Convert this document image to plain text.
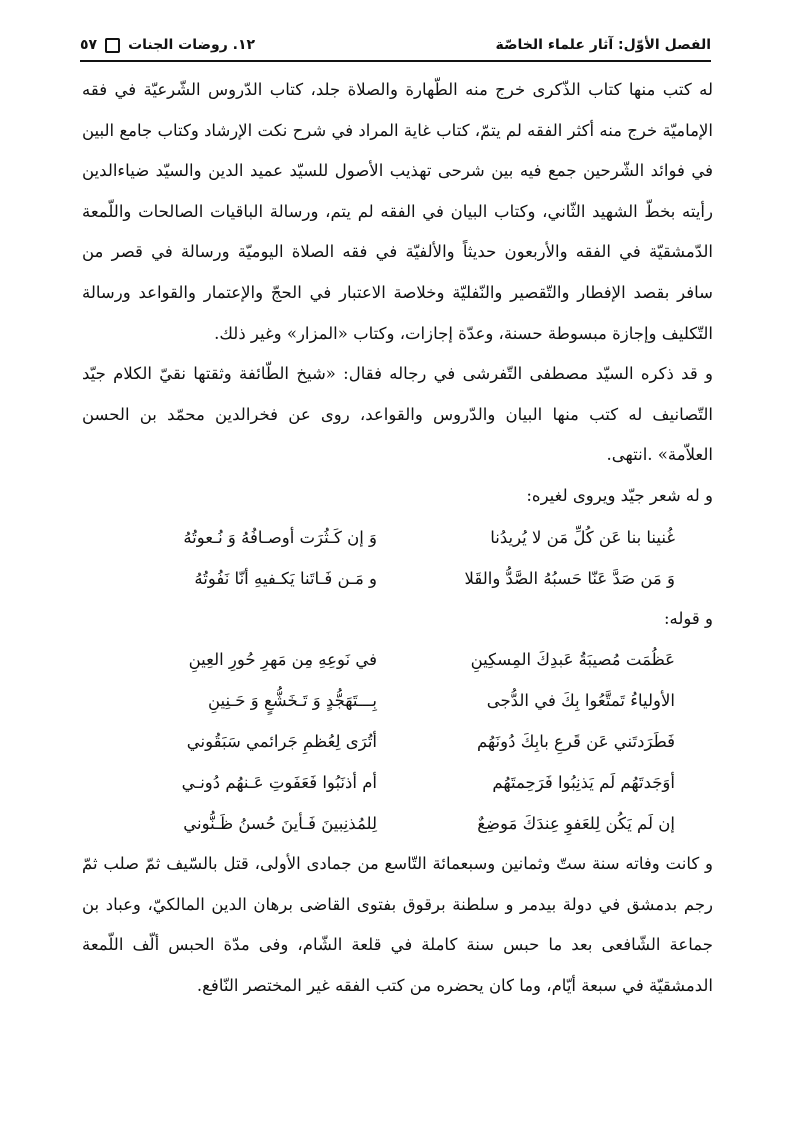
الفصل الأوّل: آثار علماء الخاصّة
١٢. روضات الجنات
٥٧

له كتب منها كتاب الذّكرى خرج منه الطّهارة والصلاة جلد، كتاب الدّروس الشّرعيّة في فقه الإماميّة خرج منه أكثر الفقه لم يتمّ، كتاب غاية المراد في شرح نكت الإرشاد وكتاب جامع البين في فوائد الشّرحين جمع فيه بين شرحى تهذيب الأصول للسيّد عميد الدين والسيّد ضياءالدين رأيته بخطّ الشهيد الثّاني، وكتاب البيان في الفقه لم يتم، ورسالة الباقيات الصالحات واللّمعة الدّمشقيّة في الفقه والأربعون حديثاً والألفيّة في فقه الصلاة اليوميّة ورسالة في قصر من سافر بقصد الإفطار والتّقصير والنّفليّة وخلاصة الاعتبار في الحجّ والإعتمار والقواعد ورسالة التّكليف وإجازة مبسوطة حسنة، وعدّة إجازات، وكتاب «المزار» وغير ذلك.

و قد ذكره السيّد مصطفى التّفرشى في رجاله فقال: «شيخ الطّائفة وثقتها نقيّ الكلام جيّد التّصانيف له كتب منها البيان والدّروس والقواعد، روى عن فخرالدين محمّد بن الحسن العلاّمة» .انتهى.

و له شعر جيّد ويروى لغيره:

غُنينا بنا عَن كُلِّ مَن لا يُريدُنا
وَ إن كَـثُرَت أوصـافُهُ وَ نُـعوتُهُ
وَ مَن صَدَّ عَنّا حَسبُهُ الصَّدُّ والقَلا
و مَـن فَـاتَنا يَكـفيهِ أنّا نَفُوتُهُ

و قوله:

عَظُمَت مُصيبَةُ عَبدِكَ المِسكِينِ
في نَوعِهِ مِن مَهرِ حُورِ العِينِ
الأولياءُ تَمتَّعُوا بِكَ في الدُّجى
بِـــتَهَجُّدٍ وَ تَـخَشُّعٍ وَ حَـنِينِ
فَطَرَدتَني عَن قَرعِ بابِكَ دُونَهُم
أتُرَى لِعُظمِ جَرائمي سَبَقُوني
أوَجَدتَهُم لَم يَذنِبُوا فَرَحِمتَهُم
أم أذنَبُوا فَعَفَوتِ عَـنهُم دُونـي
إن لَم يَكُن لِلعَفوِ عِندَكَ مَوضِعٌ
لِلمُذنِبينَ فَـأينَ حُسنُ ظَـنُّوني

و كانت وفاته سنة ستّ وثمانين وسبعمائة التّاسع من جمادى الأولى، قتل بالسّيف ثمّ صلب ثمّ رجم بدمشق في دولة بيدمر و سلطنة برقوق بفتوى القاضى برهان الدين المالكيّ، وعباد بن جماعة الشّافعى بعد ما حبس سنة كاملة في قلعة الشّام، وفى مدّة الحبس ألّف اللّمعة الدمشقيّة في سبعة أيّام، وما كان يحضره من كتب الفقه غير المختصر النّافع.
